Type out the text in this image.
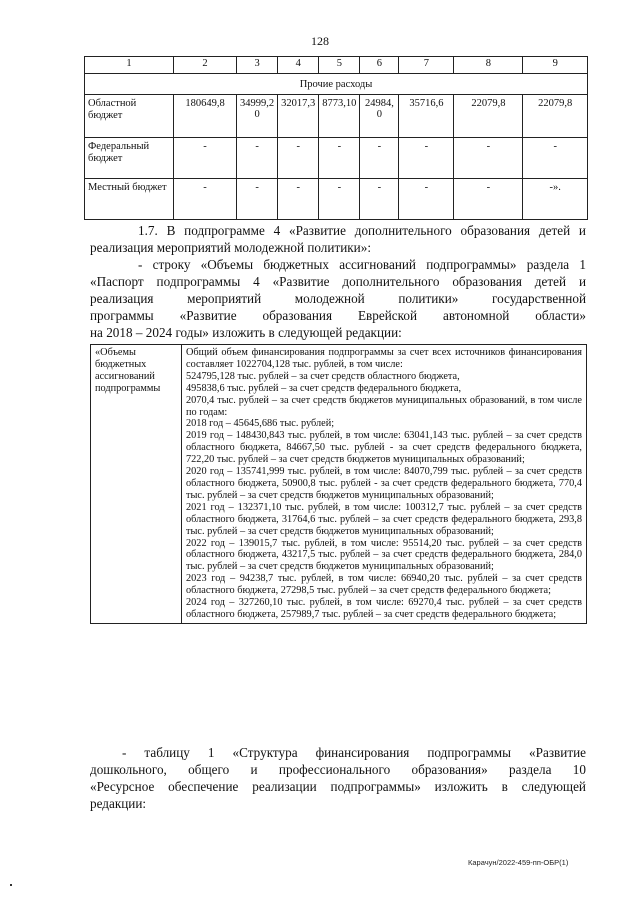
128
1	2	3	4	5	6	7	8	9
Прочие расходы								
Областной бюджет	180649,8	34999,2 0	32017,3	8773,10	24984, 0	35716,6	22079,8	22079,8
Федеральный бюджет	-	-	-	-	-	-	-	-
Местный бюджет	-	-	-	-	-	-	-	-».
1.7. В подпрограмме 4 «Развитие дополнительного образования детей и
реализация мероприятий молодежной политики»:
- строку «Объемы бюджетных ассигнований подпрограммы» раздела 1
«Паспорт подпрограммы 4 «Развитие дополнительного образования детей и
реализация мероприятий молодежной политики» государственной
программы «Развитие образования Еврейской автономной области»
на 2018 – 2024 годы» изложить в следующей редакции:
«Объемы бюджетных ассигнований подпрограммы	
Общий объем финансирования подпрограммы за счет всех источников финансирования составляет 1022704,128 тыс. рублей, в том числе:
524795,128 тыс. рублей – за счет средств областного бюджета,
495838,6 тыс. рублей – за счет средств федерального бюджета,
2070,4 тыс. рублей – за счет средств бюджетов муниципальных образований, в том числе по годам:
2018 год – 45645,686 тыс. рублей;
2019 год – 148430,843 тыс. рублей, в том числе: 63041,143 тыс. рублей – за счет средств областного бюджета, 84667,50 тыс. рублей - за счет средств федерального бюджета, 722,20 тыс. рублей – за счет средств бюджетов муниципальных образований;
2020 год – 135741,999 тыс. рублей, в том числе: 84070,799 тыс. рублей – за счет средств областного бюджета, 50900,8 тыс. рублей - за счет средств федерального бюджета, 770,4 тыс. рублей – за счет средств бюджетов муниципальных образований;
2021 год – 132371,10 тыс. рублей, в том числе: 100312,7 тыс. рублей – за счет средств областного бюджета, 31764,6 тыс. рублей – за счет средств федерального бюджета, 293,8 тыс. рублей – за счет средств бюджетов муниципальных образований;
2022 год – 139015,7 тыс. рублей, в том числе: 95514,20 тыс. рублей – за счет средств областного бюджета, 43217,5 тыс. рублей – за счет средств федерального бюджета, 284,0 тыс. рублей – за счет средств бюджетов муниципальных образований;
2023 год – 94238,7 тыс. рублей, в том числе: 66940,20 тыс. рублей – за счет средств областного бюджета, 27298,5 тыс. рублей – за счет средств федерального бюджета;
2024 год – 327260,10 тыс. рублей, в том числе: 69270,4 тыс. рублей – за счет средств областного бюджета, 257989,7 тыс. рублей – за счет средств федерального бюджета;
- таблицу 1 «Структура финансирования подпрограммы «Развитие
дошкольного, общего и профессионального образования» раздела 10
«Ресурсное обеспечение реализации подпрограммы» изложить в следующей
редакции:
Карачун/2022-459-пп-ОБР(1)
